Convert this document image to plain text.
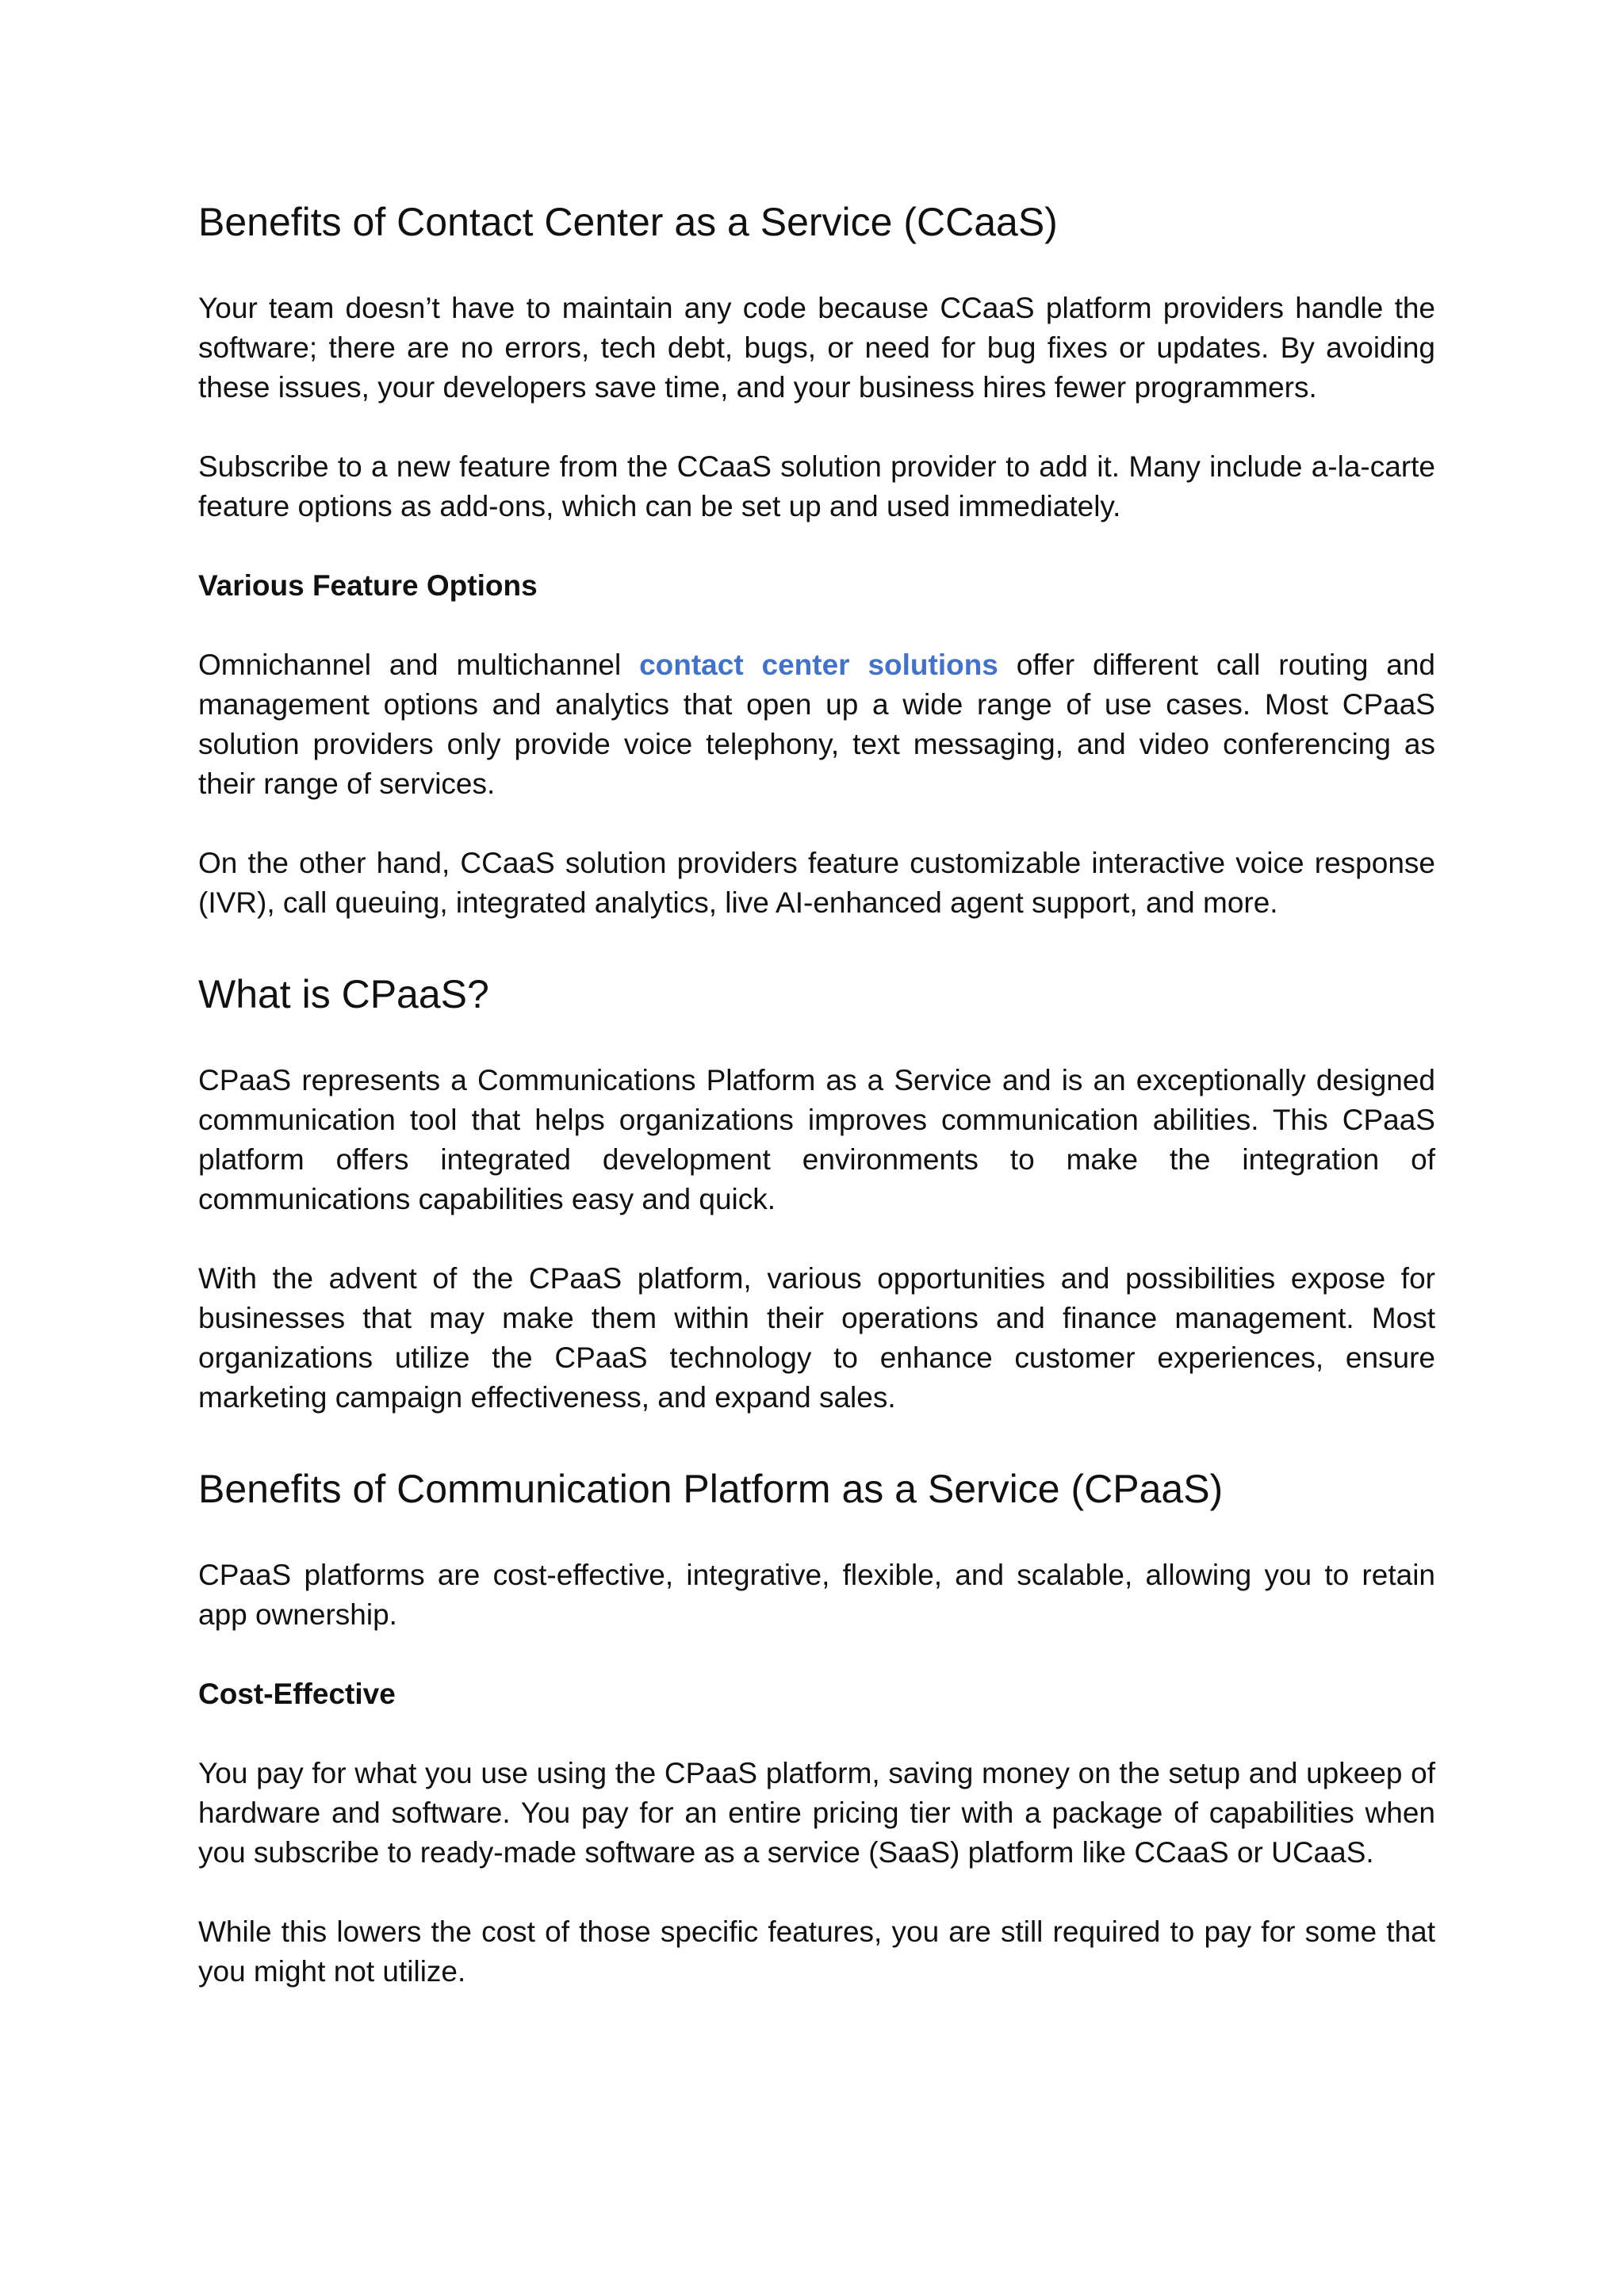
Benefits of Contact Center as a Service (CCaaS)

Your team doesn’t have to maintain any code because CCaaS platform providers handle the software; there are no errors, tech debt, bugs, or need for bug fixes or updates. By avoiding these issues, your developers save time, and your business hires fewer programmers.

Subscribe to a new feature from the CCaaS solution provider to add it. Many include a-la-carte feature options as add-ons, which can be set up and used immediately.

Various Feature Options

Omnichannel and multichannel contact center solutions offer different call routing and management options and analytics that open up a wide range of use cases. Most CPaaS solution providers only provide voice telephony, text messaging, and video conferencing as their range of services.

On the other hand, CCaaS solution providers feature customizable interactive voice response (IVR), call queuing, integrated analytics, live AI-enhanced agent support, and more.

What is CPaaS?

CPaaS represents a Communications Platform as a Service and is an exceptionally designed communication tool that helps organizations improves communication abilities. This CPaaS platform offers integrated development environments to make the integration of communications capabilities easy and quick.

With the advent of the CPaaS platform, various opportunities and possibilities expose for businesses that may make them within their operations and finance management. Most organizations utilize the CPaaS technology to enhance customer experiences, ensure marketing campaign effectiveness, and expand sales.

Benefits of Communication Platform as a Service (CPaaS)

CPaaS platforms are cost-effective, integrative, flexible, and scalable, allowing you to retain app ownership.

Cost-Effective

You pay for what you use using the CPaaS platform, saving money on the setup and upkeep of hardware and software. You pay for an entire pricing tier with a package of capabilities when you subscribe to ready-made software as a service (SaaS) platform like CCaaS or UCaaS.

While this lowers the cost of those specific features, you are still required to pay for some that you might not utilize.
